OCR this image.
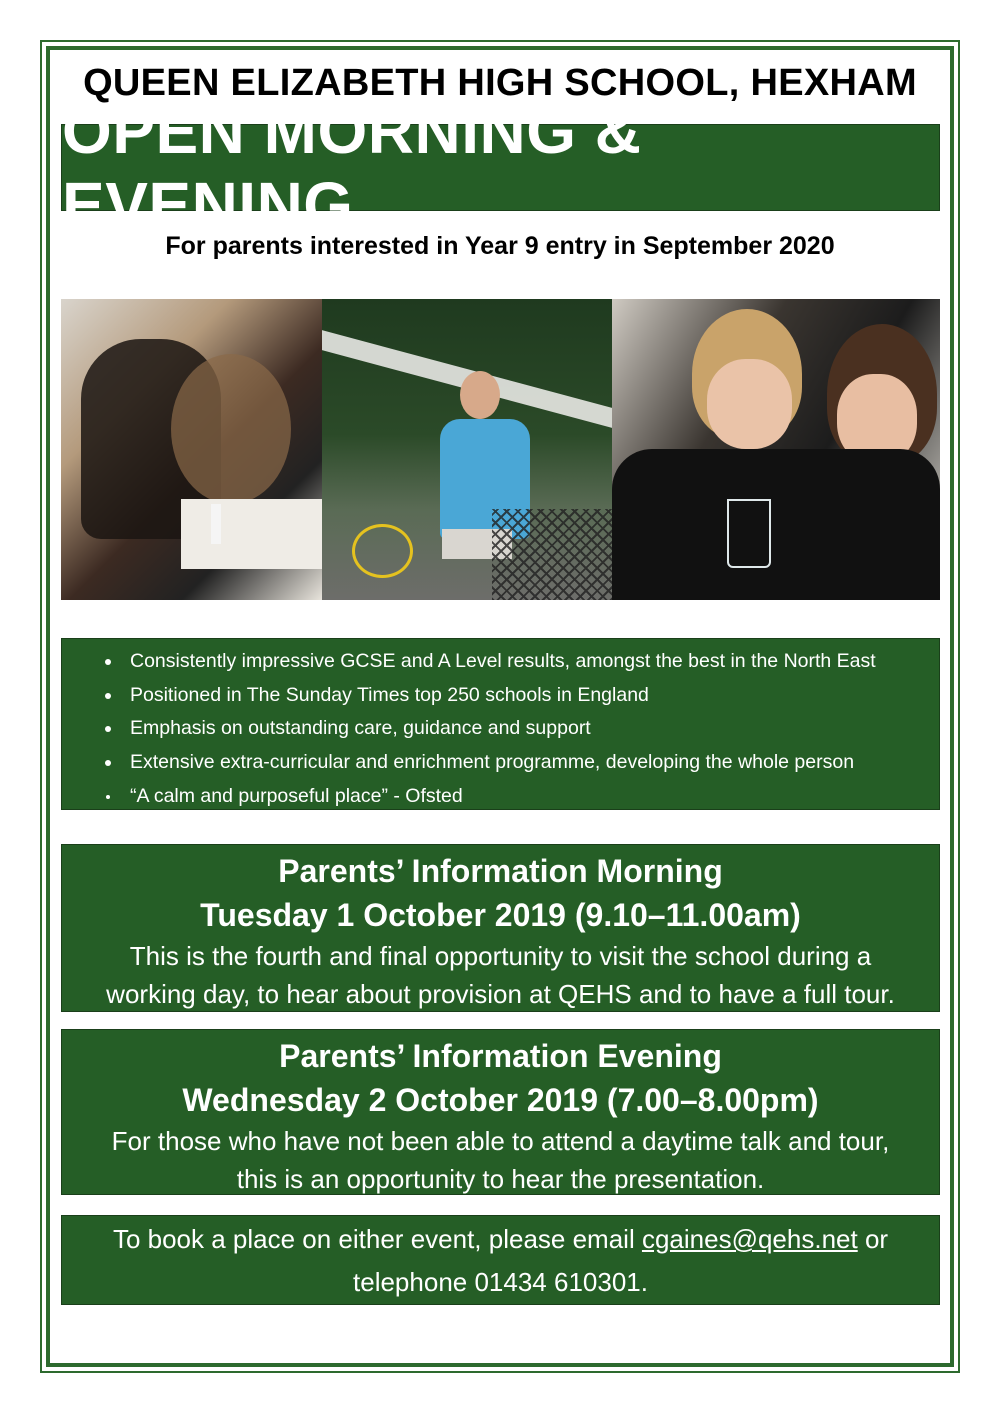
QUEEN ELIZABETH HIGH SCHOOL, HEXHAM
OPEN MORNING & EVENING
For parents interested in Year 9 entry in September 2020
Consistently impressive GCSE and A Level results, amongst the best in the North East
Positioned in The Sunday Times top 250 schools in England
Emphasis on outstanding care, guidance and support
Extensive extra-curricular and enrichment programme, developing the whole person
“A calm and purposeful place” - Ofsted
Parents’ Information Morning
Tuesday 1 October 2019 (9.10–11.00am)
This is the fourth and final opportunity to visit the school during a
working day, to hear about provision at QEHS and to have a full tour.
Parents’ Information Evening
Wednesday 2 October 2019 (7.00–8.00pm)
For those who have not been able to attend a daytime talk and tour,
this is an opportunity to hear the presentation.
To book a place on either event, please email cgaines@qehs.net or
telephone 01434 610301.
